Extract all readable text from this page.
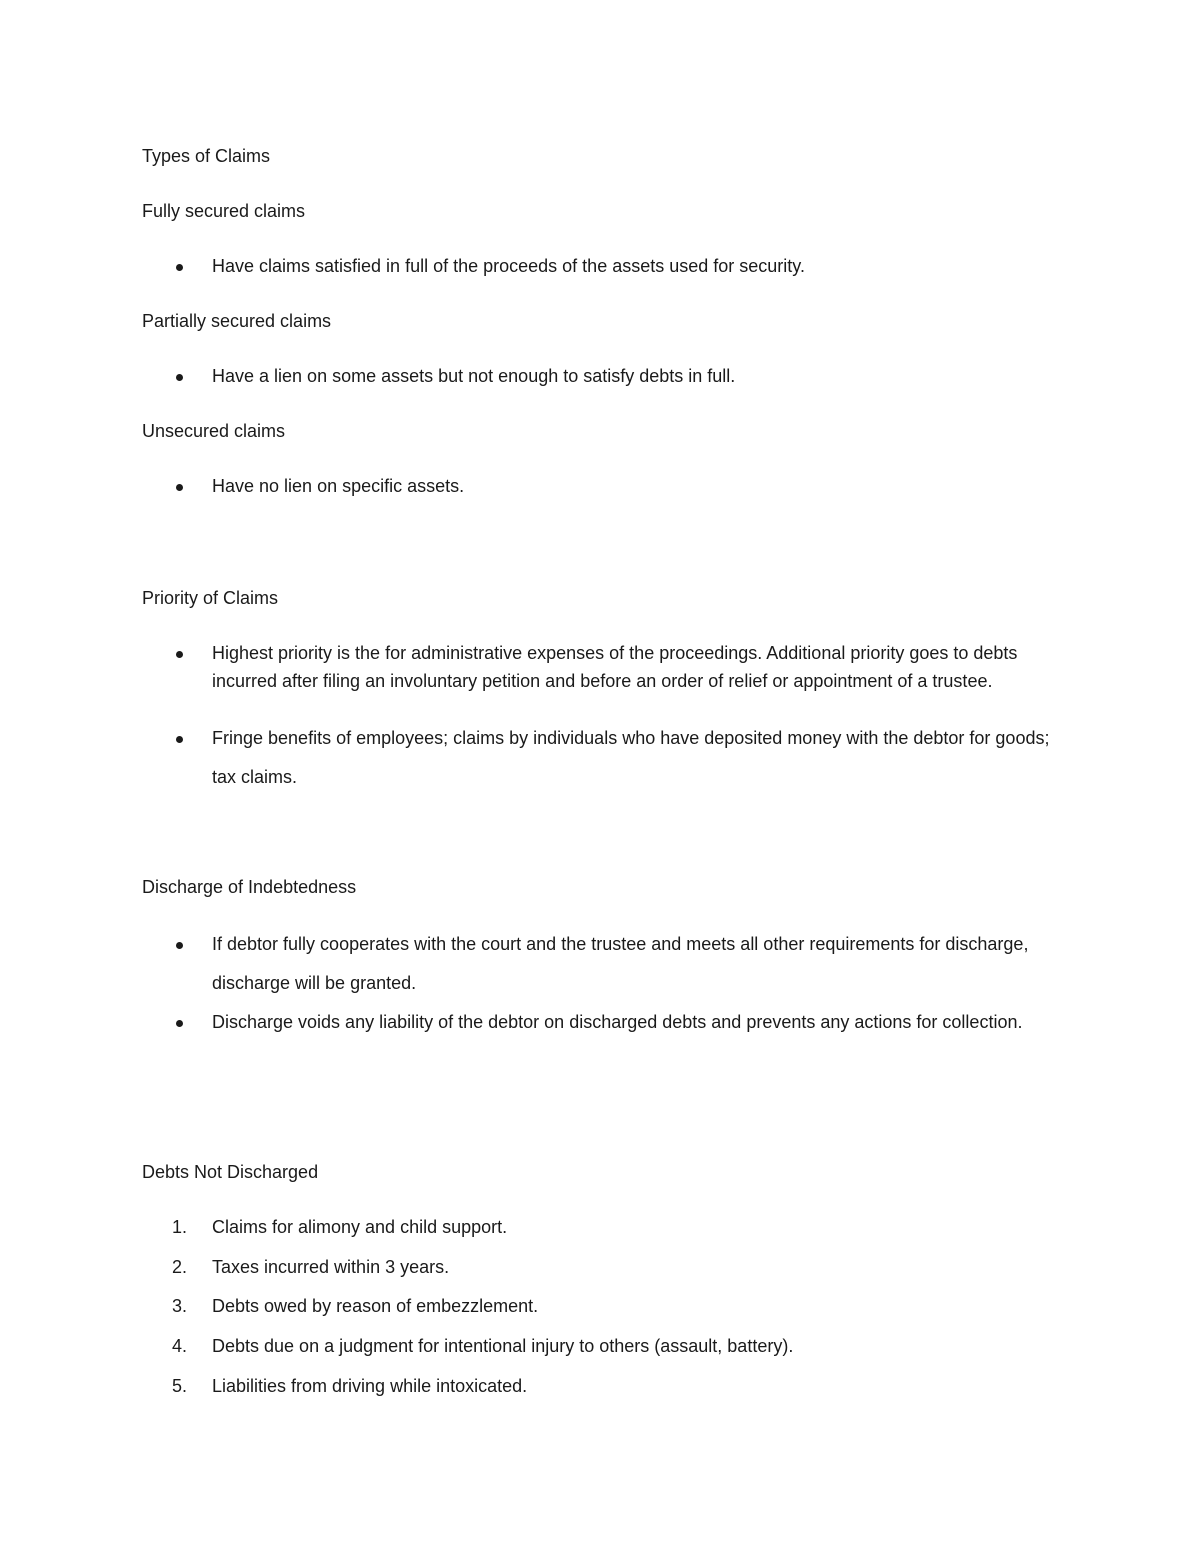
Types of Claims
Fully secured claims
Have claims satisfied in full of the proceeds of the assets used for security.
Partially secured claims
Have a lien on some assets but not enough to satisfy debts in full.
Unsecured claims
Have no lien on specific assets.
Priority of Claims
Highest priority is the for administrative expenses of the proceedings. Additional priority goes to debts incurred after filing an involuntary petition and before an order of relief or appointment of a trustee.
Fringe benefits of employees; claims by individuals who have deposited money with the debtor for goods; tax claims.
Discharge of Indebtedness
If debtor fully cooperates with the court and the trustee and meets all other requirements for discharge, discharge will be granted.
Discharge voids any liability of the debtor on discharged debts and prevents any actions for collection.
Debts Not Discharged
1.	Claims for alimony and child support.
2.	Taxes incurred within 3 years.
3.	Debts owed by reason of embezzlement.
4.	Debts due on a judgment for intentional injury to others (assault, battery).
5.	Liabilities from driving while intoxicated.
